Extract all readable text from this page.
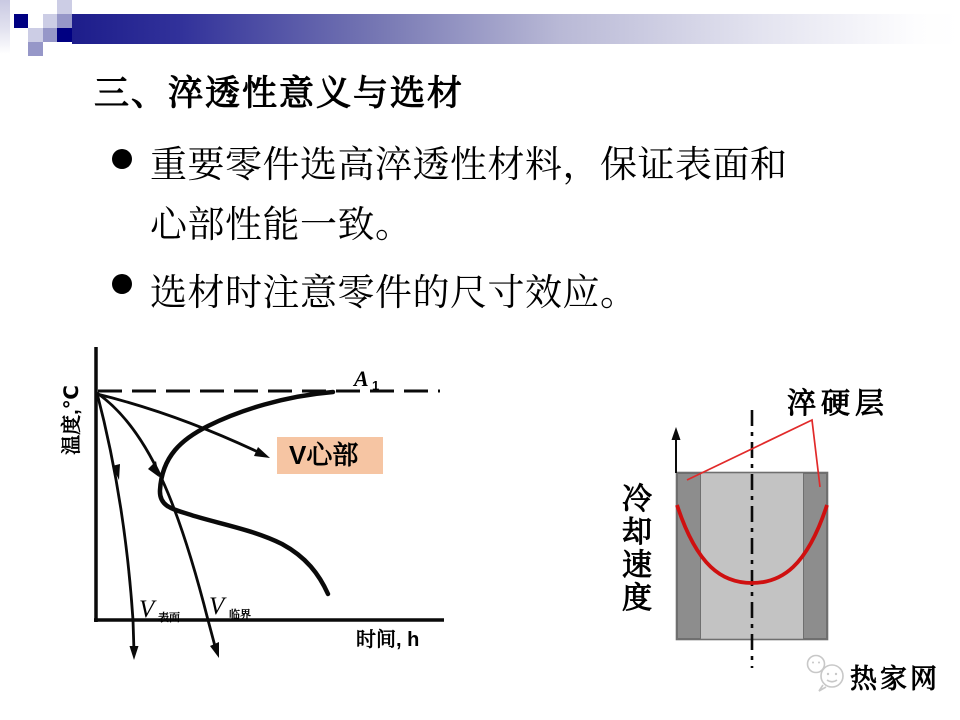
三、淬透性意义与选材
重要零件选高淬透性材料，保证表面和
心部性能一致。
选材时注意零件的尺寸效应。
温度,℃
时间, h
A 1
V 表面 V 临界
V心部
淬硬层
冷却速度
热家网
